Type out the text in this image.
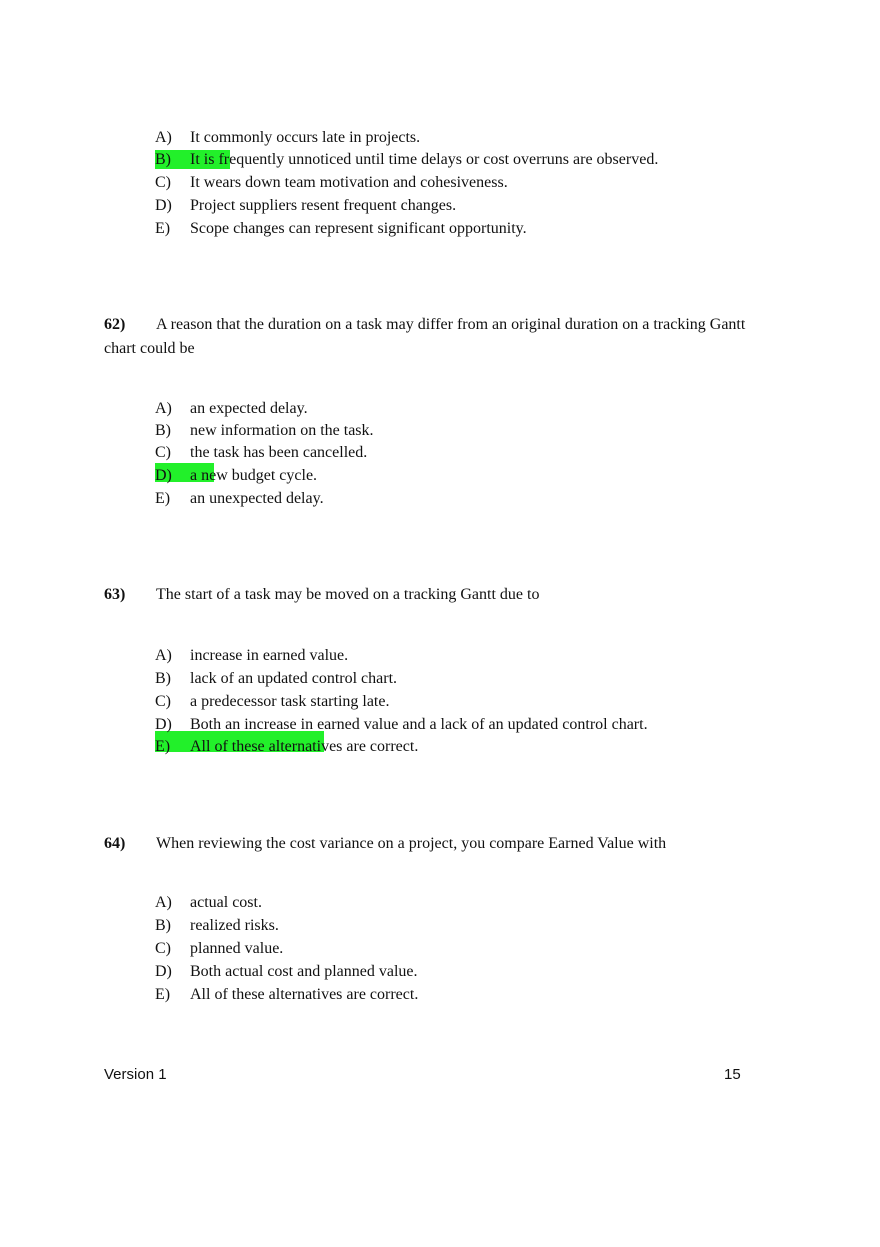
A) It commonly occurs late in projects.

B) It is frequently unnoticed until time delays or cost overruns are observed.

C) It wears down team motivation and cohesiveness.

D) Project suppliers resent frequent changes.

E) Scope changes can represent significant opportunity.

62) A reason that the duration on a task may differ from an original duration on a tracking Gantt chart could be

A) an expected delay.

B) new information on the task.

C) the task has been cancelled.

D) a new budget cycle.

E) an unexpected delay.

63) The start of a task may be moved on a tracking Gantt due to

A) increase in earned value.

B) lack of an updated control chart.

C) a predecessor task starting late.

D) Both an increase in earned value and a lack of an updated control chart.

E) All of these alternatives are correct.

64) When reviewing the cost variance on a project, you compare Earned Value with

A) actual cost.

B) realized risks.

C) planned value.

D) Both actual cost and planned value.

E) All of these alternatives are correct.

Version 1	15
